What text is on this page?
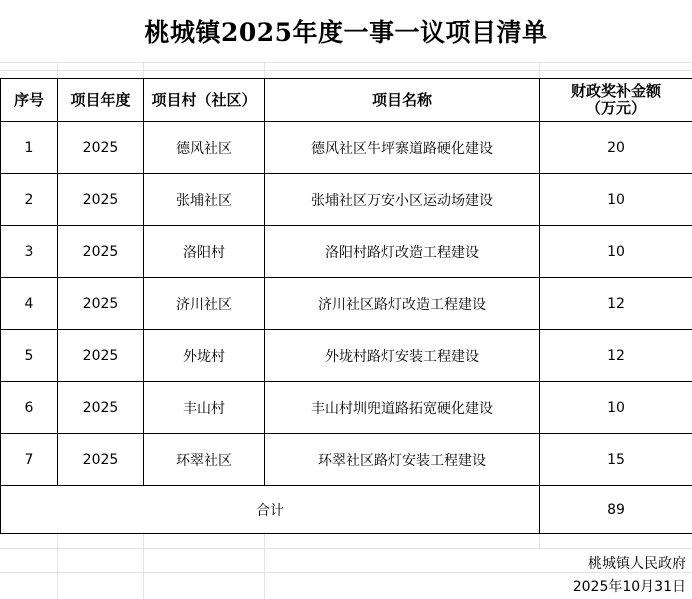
桃城镇2025年度一事一议项目清单
序号	项目年度	项目村（社区）	项目名称	财政奖补金额
（万元）

1	2025	德风社区	德风社区牛坪寨道路硬化建设	20
2	2025	张埔社区	张埔社区万安小区运动场建设	10
3	2025	洛阳村	洛阳村路灯改造工程建设	10
4	2025	济川社区	济川社区路灯改造工程建设	12
5	2025	外垅村	外垅村路灯安装工程建设	12
6	2025	丰山村	丰山村圳兜道路拓宽硬化建设	10
7	2025	环翠社区	环翠社区路灯安装工程建设	15
合计				89
桃城镇人民政府
2025年10月31日
